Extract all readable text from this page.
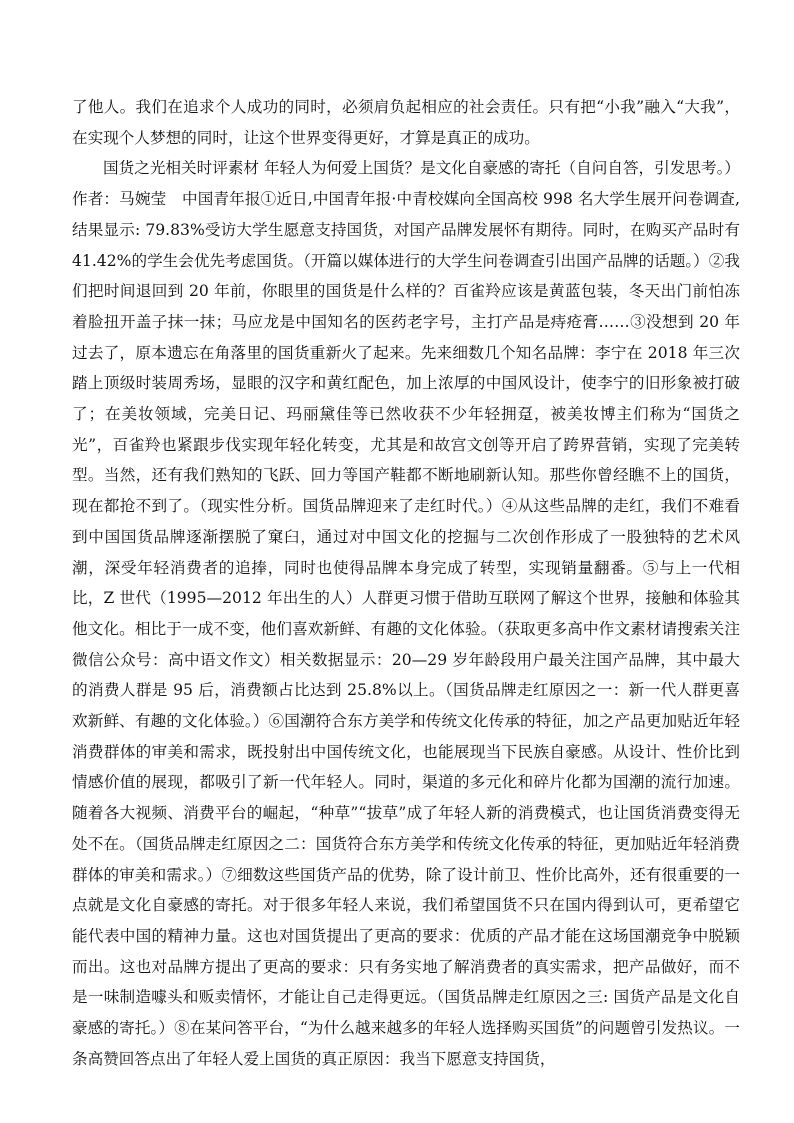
了他人。我们在追求个人成功的同时，必须肩负起相应的社会责任。只有把“小我”融入“大我”，在实现个人梦想的同时，让这个世界变得更好，才算是真正的成功。

国货之光相关时评素材 年轻人为何爱上国货？是文化自豪感的寄托（自问自答，引发思考。）作者：马婉莹　中国青年报①近日,中国青年报·中青校媒向全国高校 998 名大学生展开问卷调查,结果显示: 79.83%受访大学生愿意支持国货，对国产品牌发展怀有期待。同时，在购买产品时有 41.42%的学生会优先考虑国货。（开篇以媒体进行的大学生问卷调查引出国产品牌的话题。）②我们把时间退回到 20 年前，你眼里的国货是什么样的？百雀羚应该是黄蓝包装，冬天出门前怕冻着脸扭开盖子抹一抹；马应龙是中国知名的医药老字号，主打产品是痔疮膏……③没想到 20 年过去了，原本遗忘在角落里的国货重新火了起来。先来细数几个知名品牌：李宁在 2018 年三次踏上顶级时装周秀场，显眼的汉字和黄红配色，加上浓厚的中国风设计，使李宁的旧形象被打破了；在美妆领域，完美日记、玛丽黛佳等已然收获不少年轻拥趸，被美妆博主们称为“国货之光”，百雀羚也紧跟步伐实现年轻化转变，尤其是和故宫文创等开启了跨界营销，实现了完美转型。当然，还有我们熟知的飞跃、回力等国产鞋都不断地刷新认知。那些你曾经瞧不上的国货，现在都抢不到了。（现实性分析。国货品牌迎来了走红时代。）④从这些品牌的走红，我们不难看到中国国货品牌逐渐摆脱了窠臼，通过对中国文化的挖掘与二次创作形成了一股独特的艺术风潮，深受年轻消费者的追捧，同时也使得品牌本身完成了转型，实现销量翻番。⑤与上一代相比，Z 世代（1995—2012 年出生的人）人群更习惯于借助互联网了解这个世界，接触和体验其他文化。相比于一成不变，他们喜欢新鲜、有趣的文化体验。（获取更多高中作文素材请搜索关注微信公众号：高中语文作文）相关数据显示：20—29 岁年龄段用户最关注国产品牌，其中最大的消费人群是 95 后，消费额占比达到 25.8%以上。（国货品牌走红原因之一：新一代人群更喜欢新鲜、有趣的文化体验。）⑥国潮符合东方美学和传统文化传承的特征，加之产品更加贴近年轻消费群体的审美和需求，既投射出中国传统文化，也能展现当下民族自豪感。从设计、性价比到情感价值的展现，都吸引了新一代年轻人。同时，渠道的多元化和碎片化都为国潮的流行加速。随着各大视频、消费平台的崛起，“种草”“拔草”成了年轻人新的消费模式，也让国货消费变得无处不在。（国货品牌走红原因之二：国货符合东方美学和传统文化传承的特征，更加贴近年轻消费群体的审美和需求。）⑦细数这些国货产品的优势，除了设计前卫、性价比高外，还有很重要的一点就是文化自豪感的寄托。对于很多年轻人来说，我们希望国货不只在国内得到认可，更希望它能代表中国的精神力量。这也对国货提出了更高的要求：优质的产品才能在这场国潮竞争中脱颖而出。这也对品牌方提出了更高的要求：只有务实地了解消费者的真实需求，把产品做好，而不是一味制造噱头和贩卖情怀，才能让自己走得更远。（国货品牌走红原因之三: 国货产品是文化自豪感的寄托。）⑧在某问答平台，“为什么越来越多的年轻人选择购买国货”的问题曾引发热议。一条高赞回答点出了年轻人爱上国货的真正原因：我当下愿意支持国货，
